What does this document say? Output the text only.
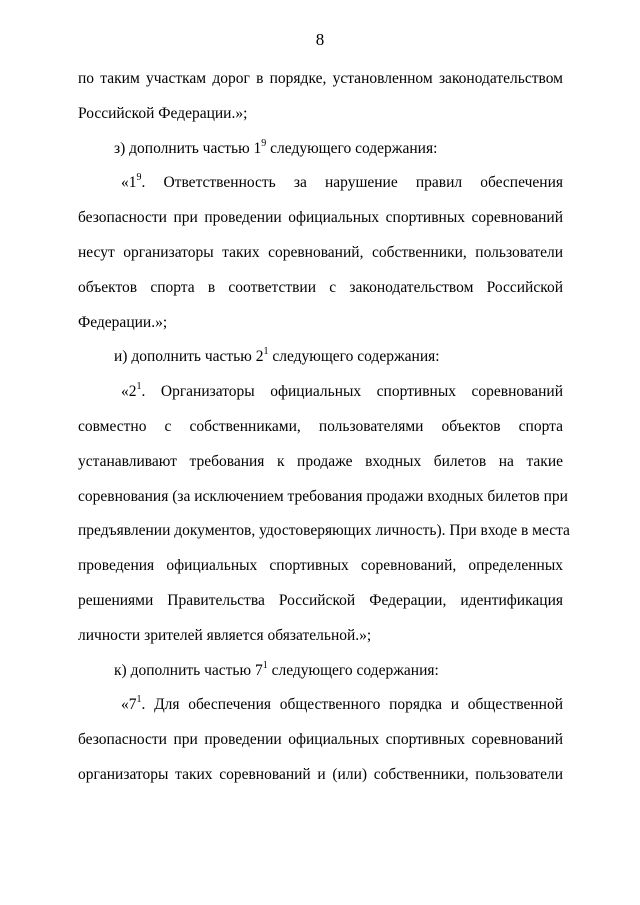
8
по таким участкам дорог в порядке, установленном законодательством
Российской Федерации.»;
з) дополнить частью $1^9$ следующего содержания:
«$1^9$. Ответственность за нарушение правил обеспечения
безопасности при проведении официальных спортивных соревнований
несут организаторы таких соревнований, собственники, пользователи
объектов спорта в соответствии с законодательством Российской
Федерации.»;
и) дополнить частью $2^1$ следующего содержания:
«$2^1$. Организаторы официальных спортивных соревнований
совместно с собственниками, пользователями объектов спорта
устанавливают требования к продаже входных билетов на такие
соревнования (за исключением требования продажи входных билетов при
предъявлении документов, удостоверяющих личность). При входе в места
проведения официальных спортивных соревнований, определенных
решениями Правительства Российской Федерации, идентификация
личности зрителей является обязательной.»;
к) дополнить частью $7^1$ следующего содержания:
«$7^1$. Для обеспечения общественного порядка и общественной
безопасности при проведении официальных спортивных соревнований
организаторы таких соревнований и (или) собственники, пользователи
